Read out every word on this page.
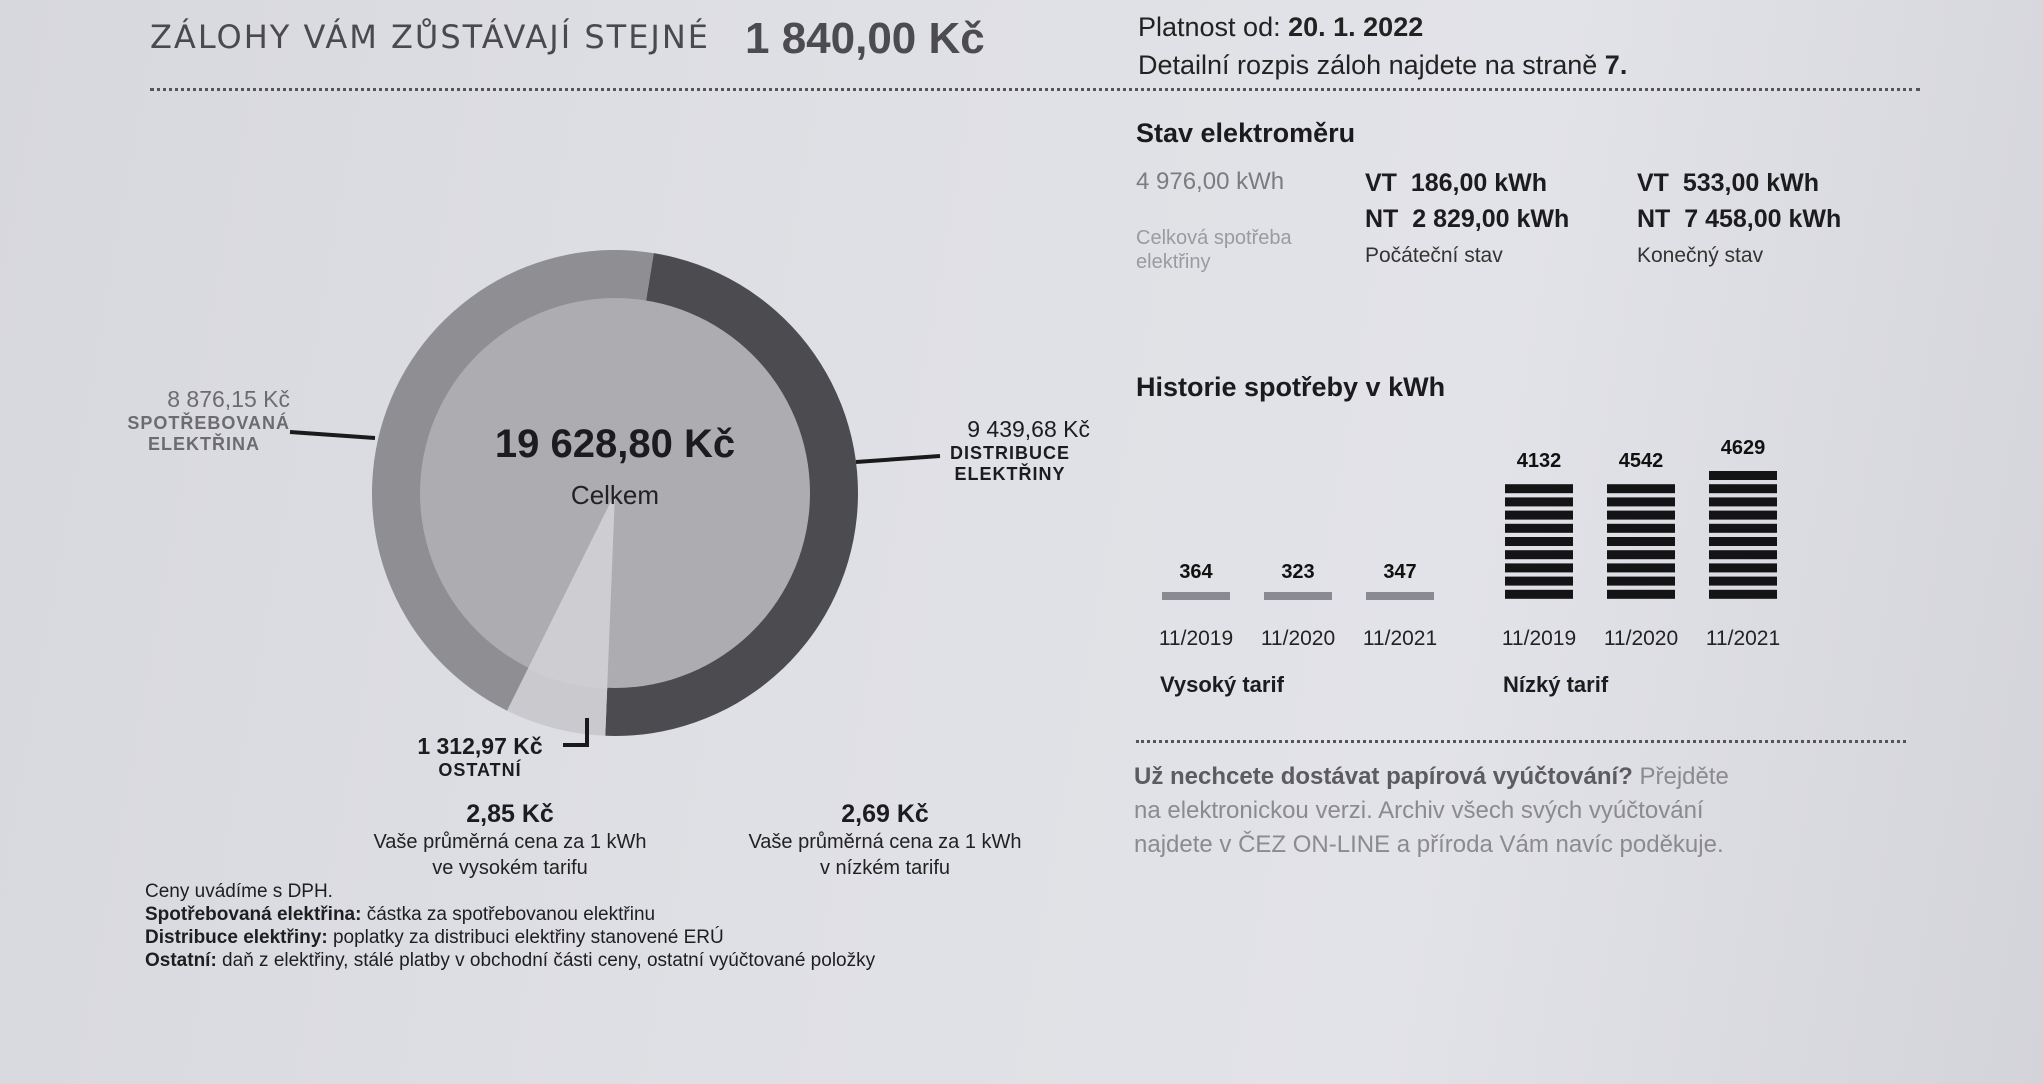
ZÁLOHY VÁM ZŮSTÁVAJÍ STEJNÉ 1 840,00 Kč	Platnost od: 20. 1. 2022
Detailní rozpis záloh najdete na straně 7.
19 628,80 Kč
Celkem
8 876,15 Kč
SPOTŘEBOVANÁ
ELEKTŘINA
9 439,68 Kč
DISTRIBUCE
ELEKTŘINY
1 312,97 Kč
OSTATNÍ
2,85 Kč
Vaše průměrná cena za 1 kWh
ve vysokém tarifu
2,69 Kč
Vaše průměrná cena za 1 kWh
v nízkém tarifu
Ceny uvádíme s DPH.
Spotřebovaná elektřina: částka za spotřebovanou elektřinu
Distribuce elektřiny: poplatky za distribuci elektřiny stanovené ERÚ
Ostatní: daň z elektřiny, stálé platby v obchodní části ceny, ostatní vyúčtované položky
Stav elektroměru
4 976,00 kWh
Celková spotřeba
elektřiny
VT  186,00 kWh
NT  2 829,00 kWh
Počáteční stav
VT  533,00 kWh
NT  7 458,00 kWh
Konečný stav
Historie spotřeby v kWh
364
11/2019
323
11/2020
347
11/2021
4132
11/2019
4542
11/2020
4629
11/2021
Vysoký tarif	Nízký tarif
Už nechcete dostávat papírová vyúčtování? Přejděte
na elektronickou verzi. Archiv všech svých vyúčtování
najdete v ČEZ ON-LINE a příroda Vám navíc poděkuje.
